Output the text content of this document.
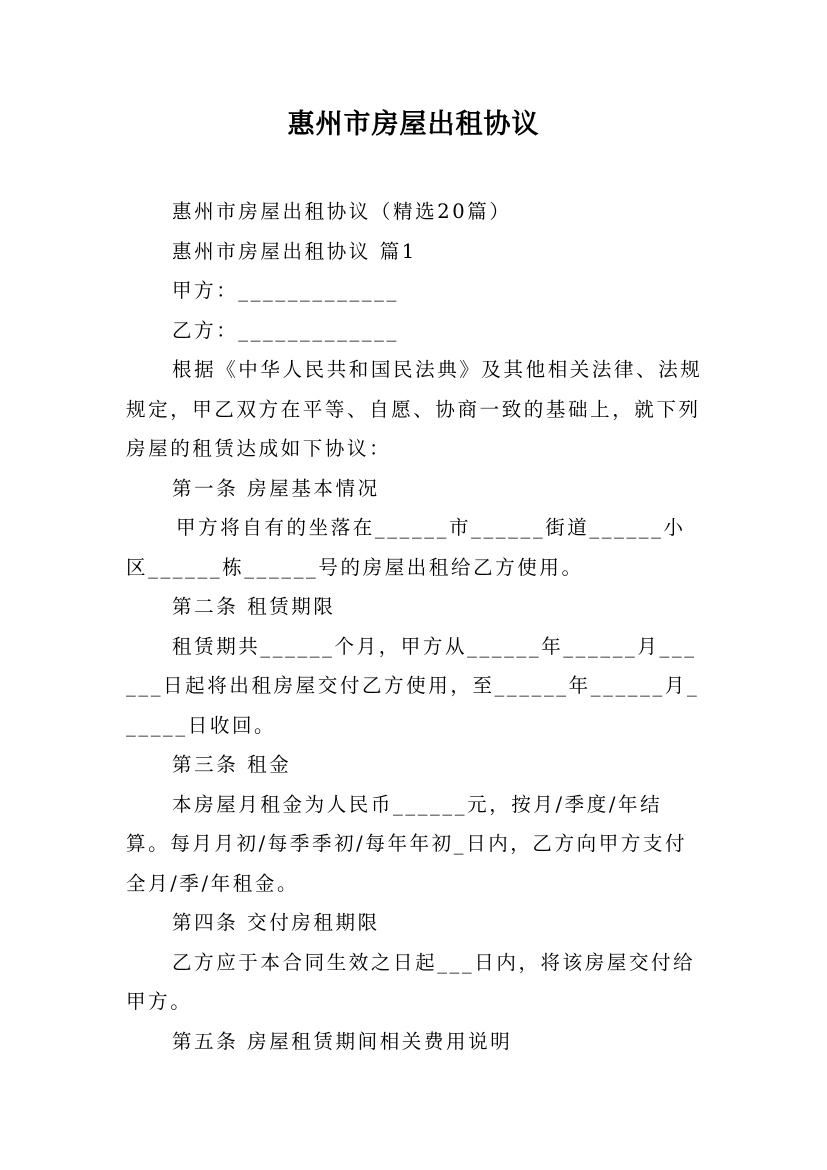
惠州市房屋出租协议

惠州市房屋出租协议（精选20篇）

惠州市房屋出租协议 篇1

甲方：_____________

乙方：_____________

根据《中华人民共和国民法典》及其他相关法律、法规规定，甲乙双方在平等、自愿、协商一致的基础上，就下列房屋的租赁达成如下协议：

第一条 房屋基本情况

甲方将自有的坐落在______市______街道______小区______栋______号的房屋出租给乙方使用。

第二条 租赁期限

租赁期共______个月，甲方从______年______月______日起将出租房屋交付乙方使用，至______年______月______日收回。

第三条 租金

本房屋月租金为人民币______元，按月/季度/年结算。每月月初/每季季初/每年年初_日内，乙方向甲方支付全月/季/年租金。

第四条 交付房租期限

乙方应于本合同生效之日起___日内，将该房屋交付给甲方。

第五条 房屋租赁期间相关费用说明
